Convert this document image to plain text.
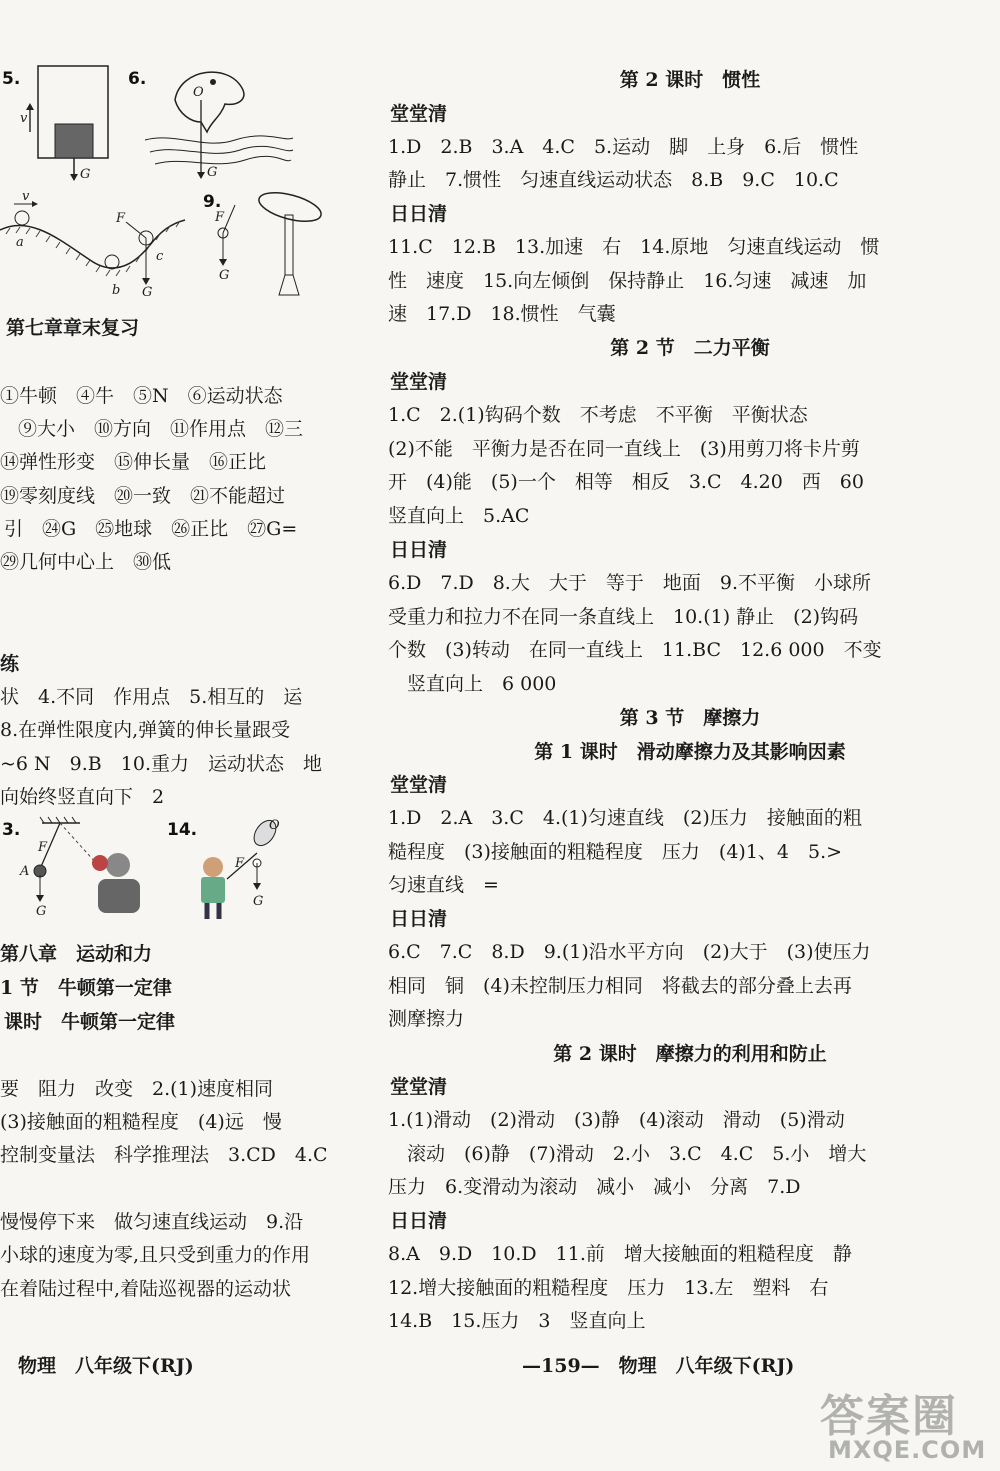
5.
v
G
6.
O
G
v
a
b
F
G
c
9.
F
G
第七章章末复习
①牛顿　④牛　⑤N　⑥运动状态
⑨大小　⑩方向　⑪作用点　⑫三
⑭弹性形变　⑮伸长量　⑯正比
⑲零刻度线　⑳一致　㉑不能超过
引　㉔G　㉕地球　㉖正比　㉗G=
㉙几何中心上　㉚低
练
状　4.不同　作用点　5.相互的　运
8.在弹性限度内,弹簧的伸长量跟受
~6 N　9.B　10.重力　运动状态　地
向始终竖直向下　2
3.
F
A
G
14.	O
F
G
第八章　运动和力
1 节　牛顿第一定律
课时　牛顿第一定律
要　阻力　改变　2.(1)速度相同
(3)接触面的粗糙程度　(4)远　慢
控制变量法　科学推理法　3.CD　4.C
慢慢停下来　做匀速直线运动　9.沿
小球的速度为零,且只受到重力的作用
在着陆过程中,着陆巡视器的运动状
物理　八年级下(RJ)
第 2 课时　惯性
堂堂清
1.D　2.B　3.A　4.C　5.运动　脚　上身　6.后　惯性
静止　7.惯性　匀速直线运动状态　8.B　9.C　10.C
日日清
11.C　12.B　13.加速　右　14.原地　匀速直线运动　惯
性　速度　15.向左倾倒　保持静止　16.匀速　减速　加
速　17.D　18.惯性　气囊
第 2 节　二力平衡
堂堂清
1.C　2.(1)钩码个数　不考虑　不平衡　平衡状态
(2)不能　平衡力是否在同一直线上　(3)用剪刀将卡片剪
开　(4)能　(5)一个　相等　相反　3.C　4.20　西　60
竖直向上　5.AC
日日清
6.D　7.D　8.大　大于　等于　地面　9.不平衡　小球所
受重力和拉力不在同一条直线上　10.(1) 静止　(2)钩码
个数　(3)转动　在同一直线上　11.BC　12.6 000　不变
　竖直向上　6 000
第 3 节　摩擦力
第 1 课时　滑动摩擦力及其影响因素
堂堂清
1.D　2.A　3.C　4.(1)匀速直线　(2)压力　接触面的粗
糙程度　(3)接触面的粗糙程度　压力　(4)1、4　5.>
匀速直线　=
日日清
6.C　7.C　8.D　9.(1)沿水平方向　(2)大于　(3)使压力
相同　铜　(4)未控制压力相同　将截去的部分叠上去再
测摩擦力
第 2 课时　摩擦力的利用和防止
堂堂清
1.(1)滑动　(2)滑动　(3)静　(4)滚动　滑动　(5)滑动
　滚动　(6)静　(7)滑动　2.小　3.C　4.C　5.小　增大
压力　6.变滑动为滚动　减小　减小　分离　7.D
日日清
8.A　9.D　10.D　11.前　增大接触面的粗糙程度　静
12.增大接触面的粗糙程度　压力　13.左　塑料　右
14.B　15.压力　3　竖直向上
—159—　物理　八年级下(RJ)
答案圈
MXQE.COM
